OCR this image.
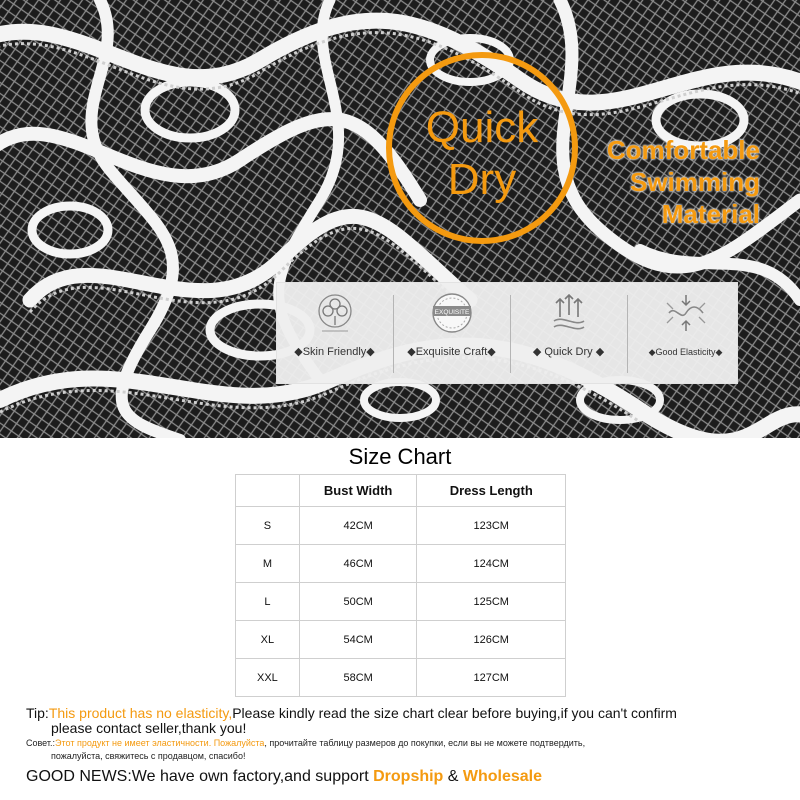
Quick
Dry
Comfortable
Swimming
Material
◆Skin Friendly◆
EXQUISITE
◆Exquisite Craft◆	◆ Quick Dry ◆	◆Good Elasticity◆
Size Chart
	Bust Width	Dress Length
S	42CM	123CM
M	46CM	124CM
L	50CM	125CM
XL	54CM	126CM
XXL	58CM	127CM
Tip:This product has no elasticity,Please kindly read the size chart clear before buying,if you can't confirm
please contact seller,thank you!
Совет.:Этот продукт не имеет эластичности. Пожалуйста, прочитайте таблицу размеров до покупки, если вы не можете подтвердить,
пожалуйста, свяжитесь с продавцом, спасибо!
GOOD NEWS:We have own factory,and support Dropship & Wholesale
